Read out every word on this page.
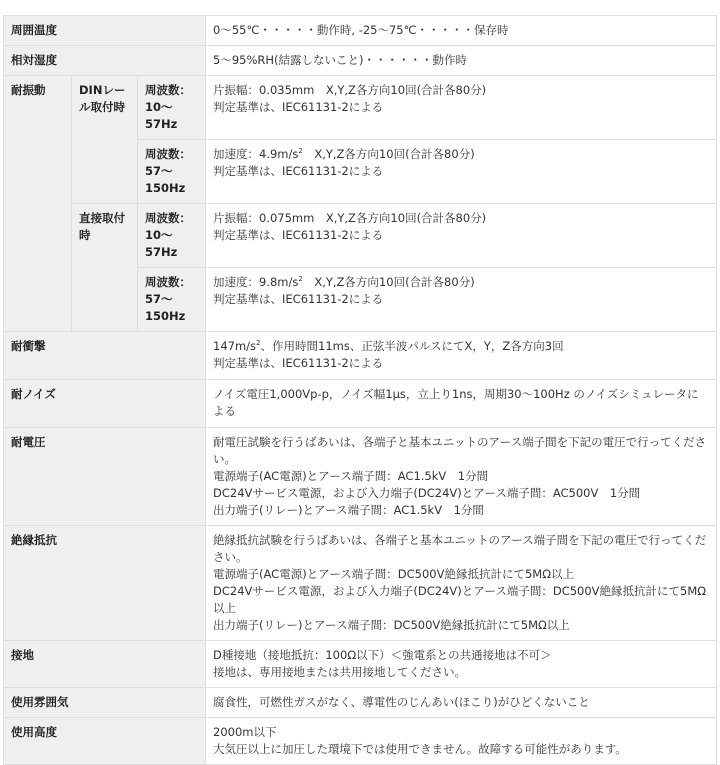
周囲温度			0～55℃・・・・・動作時, -25～75℃・・・・・保存時
相対湿度			5～95%RH(結露しないこと)・・・・・・動作時
耐振動	DINレール取付時	周波数：10～57Hz	片振幅：0.035mm　X,Y,Z各方向10回(合計各80分)
判定基準は、IEC61131-2による

		周波数：57～150Hz	加速度：$4.9m/s^2$　X,Y,Z各方向10回(合計各80分)
判定基準は、IEC61131-2による

	直接取付時	周波数：10～57Hz	片振幅：0.075mm　X,Y,Z各方向10回(合計各80分)
判定基準は、IEC61131-2による

		周波数：57～150Hz	加速度：$9.8m/s^2$　X,Y,Z各方向10回(合計各80分)
判定基準は、IEC61131-2による

耐衝撃			$147m/s^2$、作用時間11ms、正弦半波パルスにてX，Y，Z各方向3回
判定基準は、IEC61131-2による

耐ノイズ			ノイズ電圧1,000Vp-p，ノイズ幅1μs，立上り1ns，周期30～100Hz のノイズシミュレータによる
耐電圧			耐電圧試験を行うばあいは、各端子と基本ユニットのアース端子間を下記の電圧で行ってください。
電源端子(AC電源)とアース端子間：AC1.5kV　1分間
DC24Vサービス電源，および入力端子(DC24V)とアース端子間：AC500V　1分間
出力端子(リレー)とアース端子間：AC1.5kV　1分間

絶縁抵抗			絶縁抵抗試験を行うばあいは、各端子と基本ユニットのアース端子間を下記の電圧で行ってください。
電源端子(AC電源)とアース端子間：DC500V絶縁抵抗計にて5MΩ以上
DC24Vサービス電源，および入力端子(DC24V)とアース端子間：DC500V絶縁抵抗計にて5MΩ以上
出力端子(リレー)とアース端子間：DC500V絶縁抵抗計にて5MΩ以上

接地			D種接地（接地抵抗：100Ω以下）＜強電系との共通接地は不可＞
接地は、専用接地または共用接地してください。

使用雰囲気			腐食性，可燃性ガスがなく、導電性のじんあい(ほこり)がひどくないこと
使用高度			2000m以下
大気圧以上に加圧した環境下では使用できません。故障する可能性があります。
